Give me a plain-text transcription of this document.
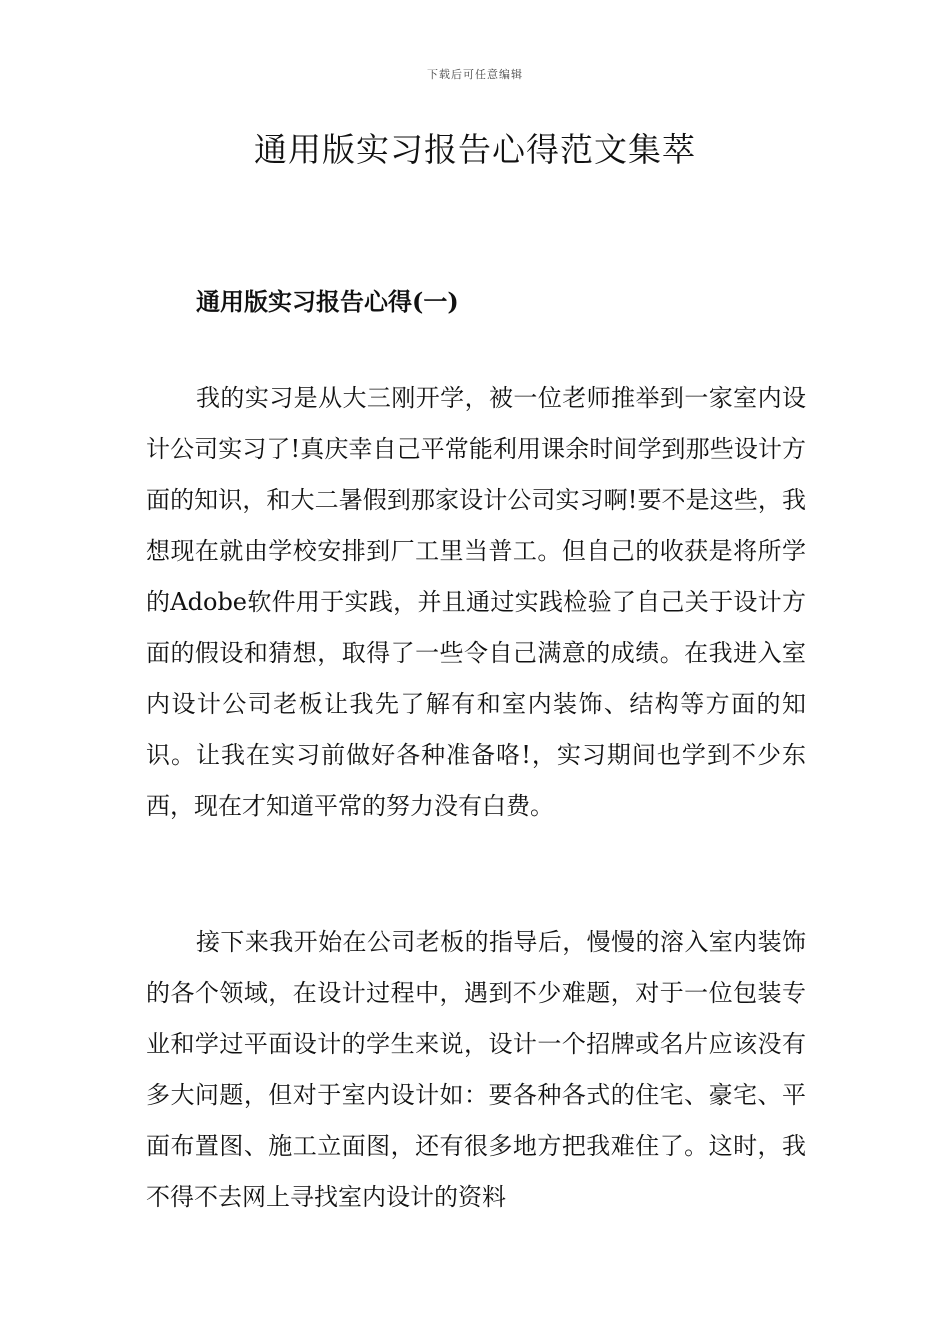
下载后可任意编辑
通用版实习报告心得范文集萃
通用版实习报告心得(一)

我的实习是从大三刚开学，被一位老师推举到一家室内设计公司实习了!真庆幸自己平常能利用课余时间学到那些设计方面的知识，和大二暑假到那家设计公司实习啊!要不是这些，我想现在就由学校安排到厂工里当普工。但自己的收获是将所学的Adobe软件用于实践，并且通过实践检验了自己关于设计方面的假设和猜想，取得了一些令自己满意的成绩。在我进入室内设计公司老板让我先了解有和室内装饰、结构等方面的知识。让我在实习前做好各种准备咯!，实习期间也学到不少东西，现在才知道平常的努力没有白费。

接下来我开始在公司老板的指导后，慢慢的溶入室内装饰的各个领域，在设计过程中，遇到不少难题，对于一位包装专业和学过平面设计的学生来说，设计一个招牌或名片应该没有多大问题，但对于室内设计如：要各种各式的住宅、豪宅、平面布置图、施工立面图，还有很多地方把我难住了。这时，我不得不去网上寻找室内设计的资料
